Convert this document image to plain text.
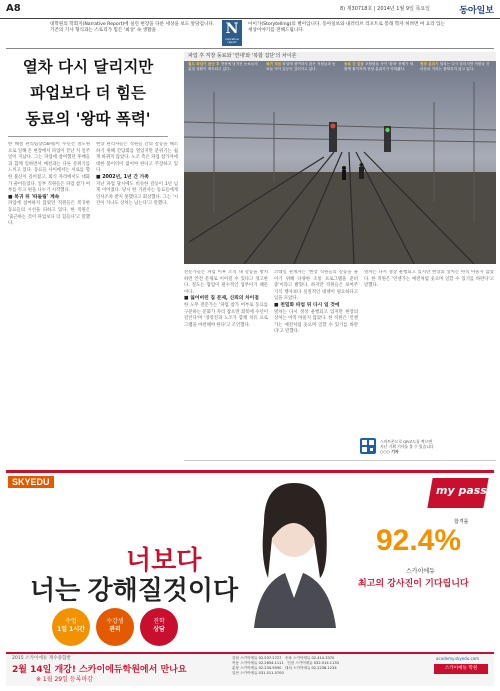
A8	8) 제30718호 | 2014년 1월 9일 목요일	동아일보
대학원의 학회지(Narrative Report)에 실린 현장을 다룬 세상을 보도 앞당깁니다. 기존의 기사 형식과는 스토리가 힘든 '최상' 속 생활을	N
narrative report
아이가(Storytelling)의 별미입니다. 동아일보와 내러티브 리포트로 봉래 학자 허려면 여 요리 있는 세상이야기를 전해드립니다.
열차 다시 달리지만
파업보다 더 힘든
동료의 '왕따 폭력'
파업 후 직장 동료와 '연대'와 '복합 집단'의 차이론
철도 파업이 끝난 후 현장에 남겨진 동료들의 분열 상황이 계속되고 있다.
복귀 직원 파업에 참여하지 않은 직원들과 동료들 사이 갈등이 깊어지고 있다.
동료 간 갈등 조합원들 사이 '왕따' 문제가 새롭게 불거지며 현장 분위기가 악화됐다.
현장 분위기 열차는 다시 달리지만 직원들 간 마음의 거리는 좁혀지지 않고 있다.
한 해철 관리팀장(58세)이 수년간 철도원으로 일해 온 현장에서 파업이 끝난 지 일주일이 지났다. 그는 파업에 참여했던 후배들과 함께 일하면서 예전과는 다른 분위기를 느끼고 있다. 동료들 사이에서는 서로를 향한 불신이 깊어졌고, 회식 자리에서도 대화가 줄어들었다. 일부 직원들은 파업 참가 여부를 두고 편을 나누기 시작했다.
■ 복귀 뒤 '따돌림' 계속
파업에 참여하지 않았던 직원들은 복귀한 동료들의 시선을 피하고 있다. 한 직원은 '출근하는 것이 파업보다 더 힘들다'고 말했다.
현장 관리자들은 직원들 간의 갈등을 해소하기 위해 간담회를 열었지만 분위기는 쉽게 바뀌지 않았다. 노조 측은 파업 참가자에 대한 불이익이 없어야 한다고 주장하고 있다.
■ 2002년, 1년 간 가족
지난 파업 당시에도 비슷한 갈등이 1년 넘게 이어졌다. 당시 한 기관사는 동료들에게 인사조차 받지 못했다고 회상했다. 그는 '시간이 지나도 상처는 남는다'고 말했다.
전문가들은 파업 이후 조직 내 갈등을 방치하면 안전 문제로 이어질 수 있다고 경고한다. 철도는 협업이 필수적인 업무이기 때문이다.
■ 잃어버린 집 문제, 신뢰의 차이점
한 노무 전문가는 '파업 참가 여부로 동료를 구분하는 문화가 자리 잡으면 회복에 수년이 걸린다'며 '경영진과 노조가 함께 치유 프로그램을 마련해야 한다'고 조언했다.
코레일 관계자는 '현장 직원들의 갈등을 줄이기 위해 다양한 소통 프로그램을 준비 중'이라고 밝혔다. 하지만 직원들은 보여주기식 행사보다 실질적인 대책이 필요하다고 입을 모았다.
■ 천밀화 파업 뒤 다시 일 것에
열차는 다시 정상 운행되고 있지만 현장의 상처는 아직 아물지 않았다. 한 직원은 '언젠가는 예전처럼 웃으며 일할 수 있기를 바란다'고 말했다.
열차는 다시 정상 운행되고 있지만 현장의 상처는 아직 아물지 않았다. 한 직원은 '언젠가는 예전처럼 웃으며 일할 수 있기를 바란다'고 말했다.
스마트폰으로 QR코드를 찍으면
지난 기획 기사를 볼 수 있습니다
○○○ 기자
SKYEDU
너보다
너는 강해질것이다
my pass
합격률
92.4%
스카이에듀
최고의 강사진이 기다립니다
수업
1일 1시간
수강생
관리
진학
상담
2015 스카이에듀 재수종합반
2월 14일 개강! 스카이에듀학원에서 만나요
※ 1월 29일 등록마감
강남 스카이에듀 02.537.2727 송파 스카이에듀 02.414.3370
목동 스카이에듀 02.2654.1111 인천 스카이에듀 032.514.1133
분당 스카이에듀 02.234.9590 대치 스카이에듀 02.2238.1234
일산 스카이에듀 031.511.5700
academy.skyedu.com
스카이에듀 학원
